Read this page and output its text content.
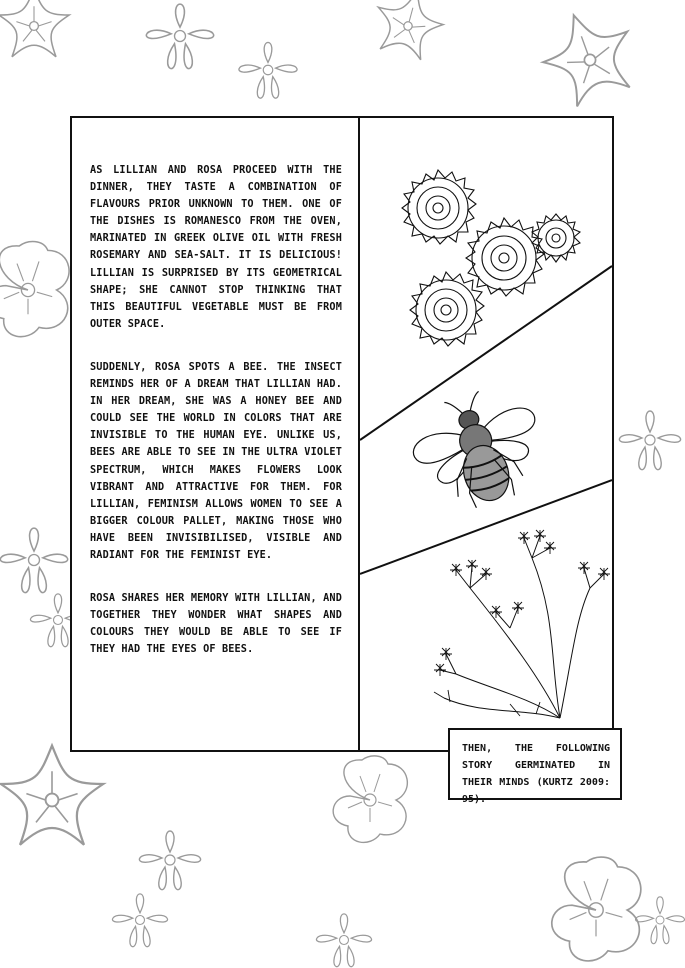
AS LILLIAN AND ROSA PROCEED WITH THE DINNER, THEY TASTE A COMBINATION OF FLAVOURS PRIOR UNKNOWN TO THEM. ONE OF THE DISHES IS ROMANESCO FROM THE OVEN, MARINATED IN GREEK OLIVE OIL WITH FRESH ROSEMARY AND SEA-SALT. IT IS DELICIOUS! LILLIAN IS SURPRISED BY ITS GEOMETRICAL SHAPE; SHE CANNOT STOP THINKING THAT THIS BEAUTIFUL VEGETABLE MUST BE FROM OUTER SPACE.

SUDDENLY, ROSA SPOTS A BEE. THE INSECT REMINDS HER OF A DREAM THAT LILLIAN HAD. IN HER DREAM, SHE WAS A HONEY BEE AND COULD SEE THE WORLD IN COLORS THAT ARE INVISIBLE TO THE HUMAN EYE. UNLIKE US, BEES ARE ABLE TO SEE IN THE ULTRA VIOLET SPECTRUM, WHICH MAKES FLOWERS LOOK VIBRANT AND ATTRACTIVE FOR THEM. FOR LILLIAN, FEMINISM ALLOWS WOMEN TO SEE A BIGGER COLOUR PALLET, MAKING THOSE WHO HAVE BEEN INVISIBILISED, VISIBLE AND RADIANT FOR THE FEMINIST EYE.

ROSA SHARES HER MEMORY WITH LILLIAN, AND TOGETHER THEY WONDER WHAT SHAPES AND COLOURS THEY WOULD BE ABLE TO SEE IF THEY HAD THE EYES OF BEES.

THEN, THE FOLLOWING STORY GERMINATED IN THEIR MINDS (KURTZ 2009: 95).
